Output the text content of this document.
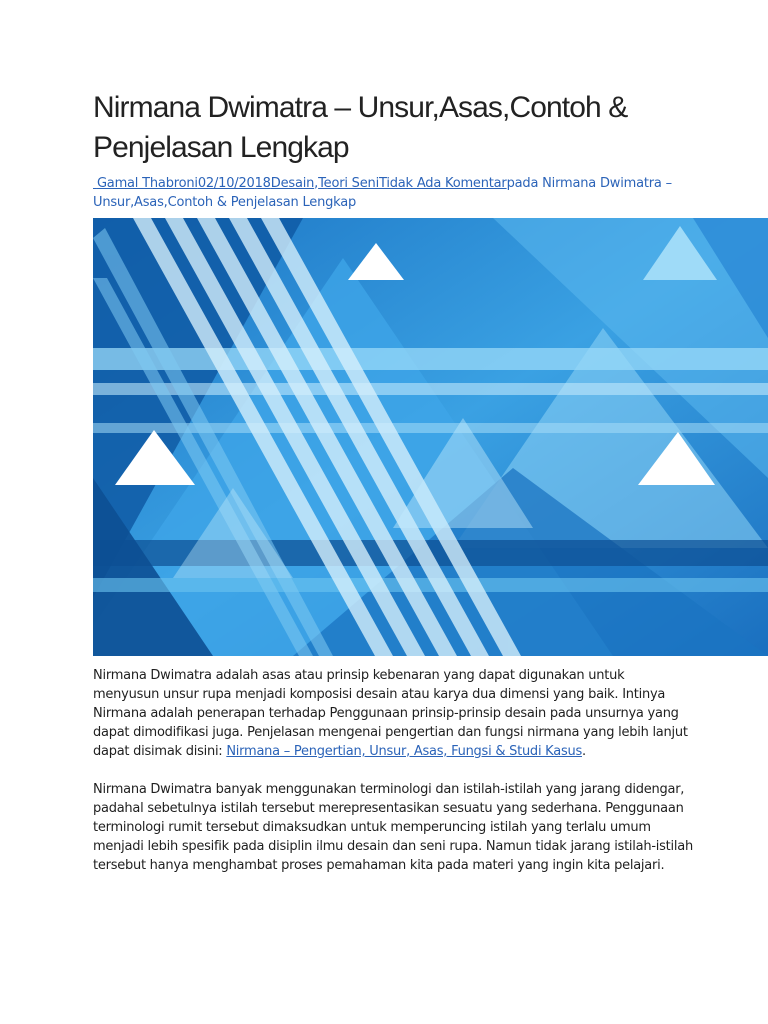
Nirmana Dwimatra – Unsur,Asas,Contoh & Penjelasan Lengkap
Gamal Thabroni02/10/2018Desain,Teori SeniTidak Ada Komentarpada Nirmana Dwimatra – Unsur,Asas,Contoh & Penjelasan Lengkap

Nirmana Dwimatra adalah asas atau prinsip kebenaran yang dapat digunakan untuk menyusun unsur rupa menjadi komposisi desain atau karya dua dimensi yang baik. Intinya Nirmana adalah penerapan terhadap Penggunaan prinsip-prinsip desain pada unsurnya yang dapat dimodifikasi juga. Penjelasan mengenai pengertian dan fungsi nirmana yang lebih lanjut dapat disimak disini: Nirmana – Pengertian, Unsur, Asas, Fungsi & Studi Kasus.

Nirmana Dwimatra banyak menggunakan terminologi dan istilah-istilah yang jarang didengar, padahal sebetulnya istilah tersebut merepresentasikan sesuatu yang sederhana. Penggunaan terminologi rumit tersebut dimaksudkan untuk memperuncing istilah yang terlalu umum menjadi lebih spesifik pada disiplin ilmu desain dan seni rupa. Namun tidak jarang istilah-istilah tersebut hanya menghambat proses pemahaman kita pada materi yang ingin kita pelajari.
